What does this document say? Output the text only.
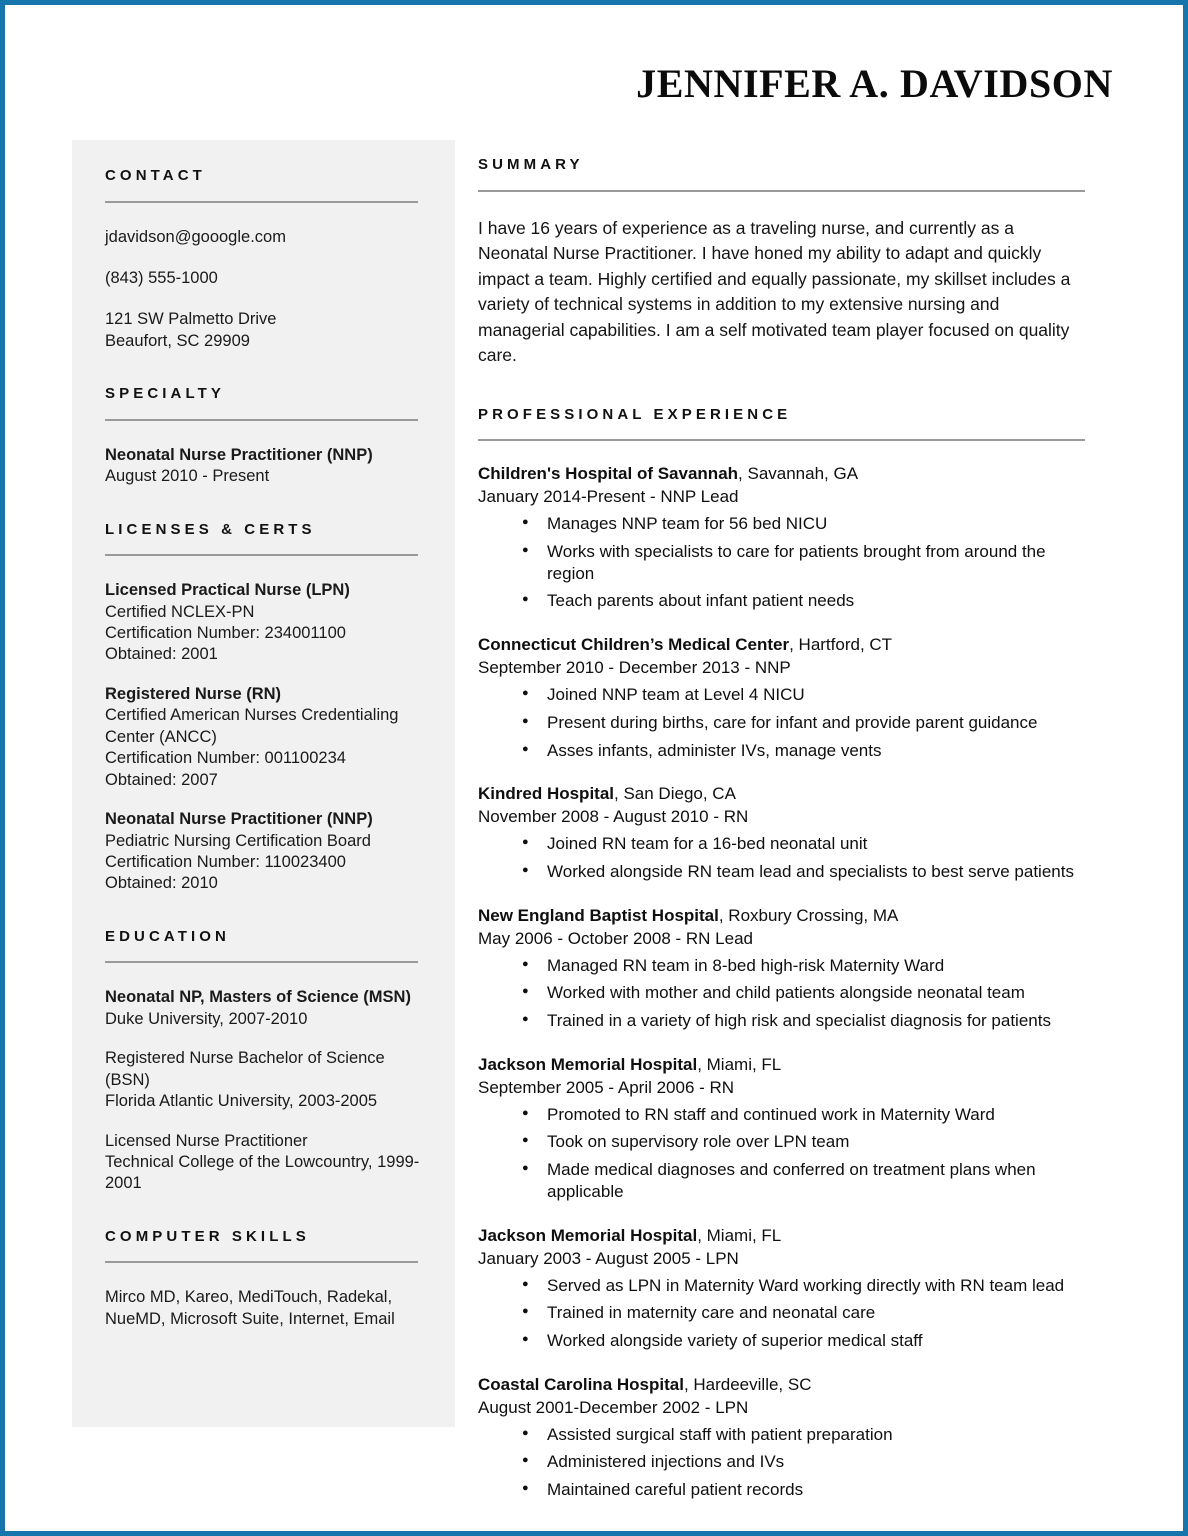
JENNIFER A. DAVIDSON
CONTACT
jdavidson@gooogle.com
(843) 555-1000
121 SW Palmetto Drive
Beaufort, SC 29909
SPECIALTY
Neonatal Nurse Practitioner (NNP)
August 2010 - Present
LICENSES & CERTS
Licensed Practical Nurse (LPN)
Certified NCLEX-PN
Certification Number: 234001100
Obtained: 2001
Registered Nurse (RN)
Certified American Nurses Credentialing Center (ANCC)
Certification Number: 001100234
Obtained: 2007
Neonatal Nurse Practitioner (NNP)
Pediatric Nursing Certification Board
Certification Number: 110023400
Obtained: 2010
EDUCATION
Neonatal NP, Masters of Science (MSN)
Duke University, 2007-2010
Registered Nurse Bachelor of Science (BSN)
Florida Atlantic University, 2003-2005
Licensed Nurse Practitioner
Technical College of the Lowcountry, 1999-2001
COMPUTER SKILLS
Mirco MD, Kareo, MediTouch, Radekal, NueMD, Microsoft Suite, Internet, Email
SUMMARY
I have 16 years of experience as a traveling nurse, and currently as a Neonatal Nurse Practitioner. I have honed my ability to adapt and quickly impact a team. Highly certified and equally passionate, my skillset includes a variety of technical systems in addition to my extensive nursing and managerial capabilities. I am a self motivated team player focused on quality care.
PROFESSIONAL EXPERIENCE
Children's Hospital of Savannah, Savannah, GA
January 2014-Present - NNP Lead
● Manages NNP team for 56 bed NICU
● Works with specialists to care for patients brought from around the region
● Teach parents about infant patient needs
Connecticut Children’s Medical Center, Hartford, CT
September 2010 - December 2013 - NNP
● Joined NNP team at Level 4 NICU
● Present during births, care for infant and provide parent guidance
● Asses infants, administer IVs, manage vents
Kindred Hospital, San Diego, CA
November 2008 - August 2010 - RN
● Joined RN team for a 16-bed neonatal unit
● Worked alongside RN team lead and specialists to best serve patients
New England Baptist Hospital, Roxbury Crossing, MA
May 2006 - October 2008 - RN Lead
● Managed RN team in 8-bed high-risk Maternity Ward
● Worked with mother and child patients alongside neonatal team
● Trained in a variety of high risk and specialist diagnosis for patients
Jackson Memorial Hospital, Miami, FL
September 2005 - April 2006 - RN
● Promoted to RN staff and continued work in Maternity Ward
● Took on supervisory role over LPN team
● Made medical diagnoses and conferred on treatment plans when applicable
Jackson Memorial Hospital, Miami, FL
January 2003 - August 2005 - LPN
● Served as LPN in Maternity Ward working directly with RN team lead
● Trained in maternity care and neonatal care
● Worked alongside variety of superior medical staff
Coastal Carolina Hospital, Hardeeville, SC
August 2001-December 2002 - LPN
● Assisted surgical staff with patient preparation
● Administered injections and IVs
● Maintained careful patient records
